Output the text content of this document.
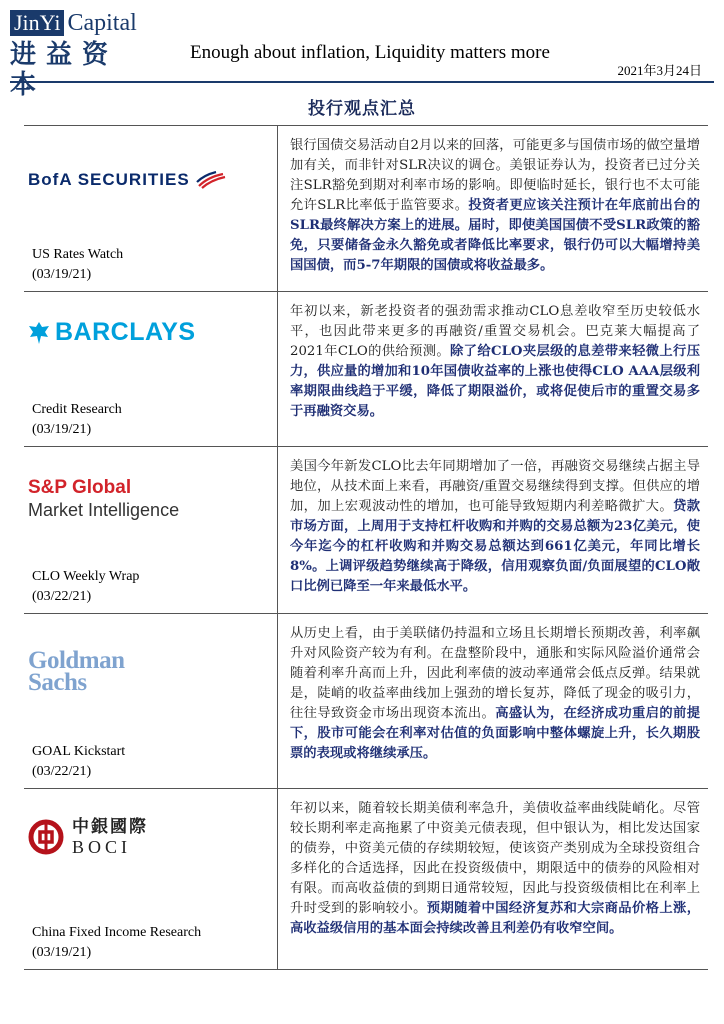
JinYi Capital
进益资本
Enough about inflation, Liquidity matters more
2021年3月24日
投行观点汇总
BofA SECURITIES
US Rates Watch
(03/19/21)
银行国债交易活动自2月以来的回落，可能更多与国债市场的做空量增加有关，而非针对SLR决议的调仓。美银证券认为，投资者已过分关注SLR豁免到期对利率市场的影响。即便临时延长，银行也不太可能允许SLR比率低于监管要求。投资者更应该关注预计在年底前出台的SLR最终解决方案上的进展。届时，即使美国国债不受SLR政策的豁免，只要储备金永久豁免或者降低比率要求，银行仍可以大幅增持美国国债，而5-7年期限的国债或将收益最多。
BARCLAYS
Credit Research
(03/19/21)
年初以来，新老投资者的强劲需求推动CLO息差收窄至历史较低水平，也因此带来更多的再融资/重置交易机会。巴克莱大幅提高了2021年CLO的供给预测。除了给CLO夹层级的息差带来轻微上行压力，供应量的增加和10年国债收益率的上涨也使得CLO AAA层级利率期限曲线趋于平缓，降低了期限溢价，或将促使后市的重置交易多于再融资交易。
S&P Global
Market Intelligence
CLO Weekly Wrap
(03/22/21)
美国今年新发CLO比去年同期增加了一倍，再融资交易继续占据主导地位，从技术面上来看，再融资/重置交易继续得到支撑。但供应的增加，加上宏观波动性的增加，也可能导致短期内利差略微扩大。贷款市场方面，上周用于支持杠杆收购和并购的交易总额为23亿美元，使今年迄今的杠杆收购和并购交易总额达到661亿美元，年同比增长8%。上调评级趋势继续高于降级，信用观察负面/负面展望的CLO敞口比例已降至一年来最低水平。
Goldman
Sachs
GOAL Kickstart
(03/22/21)
从历史上看，由于美联储仍持温和立场且长期增长预期改善，利率飙升对风险资产较为有利。在盘整阶段中，通胀和实际风险溢价通常会随着利率升高而上升，因此利率债的波动率通常会低点反弹。结果就是，陡峭的收益率曲线加上强劲的增长复苏，降低了现金的吸引力，往往导致资金市场出现资本流出。高盛认为，在经济成功重启的前提下，股市可能会在利率对估值的负面影响中整体螺旋上升，长久期股票的表现或将继续承压。
中銀國際
BOCI
China Fixed Income Research
(03/19/21)
年初以来，随着较长期美债利率急升，美债收益率曲线陡峭化。尽管较长期利率走高拖累了中资美元债表现，但中银认为，相比发达国家的债券，中资美元债的存续期较短，使该资产类别成为全球投资组合多样化的合适选择，因此在投资级债中，期限适中的债券的风险相对有限。而高收益债的到期日通常较短，因此与投资级债相比在利率上升时受到的影响较小。预期随着中国经济复苏和大宗商品价格上涨，高收益级信用的基本面会持续改善且利差仍有收窄空间。
